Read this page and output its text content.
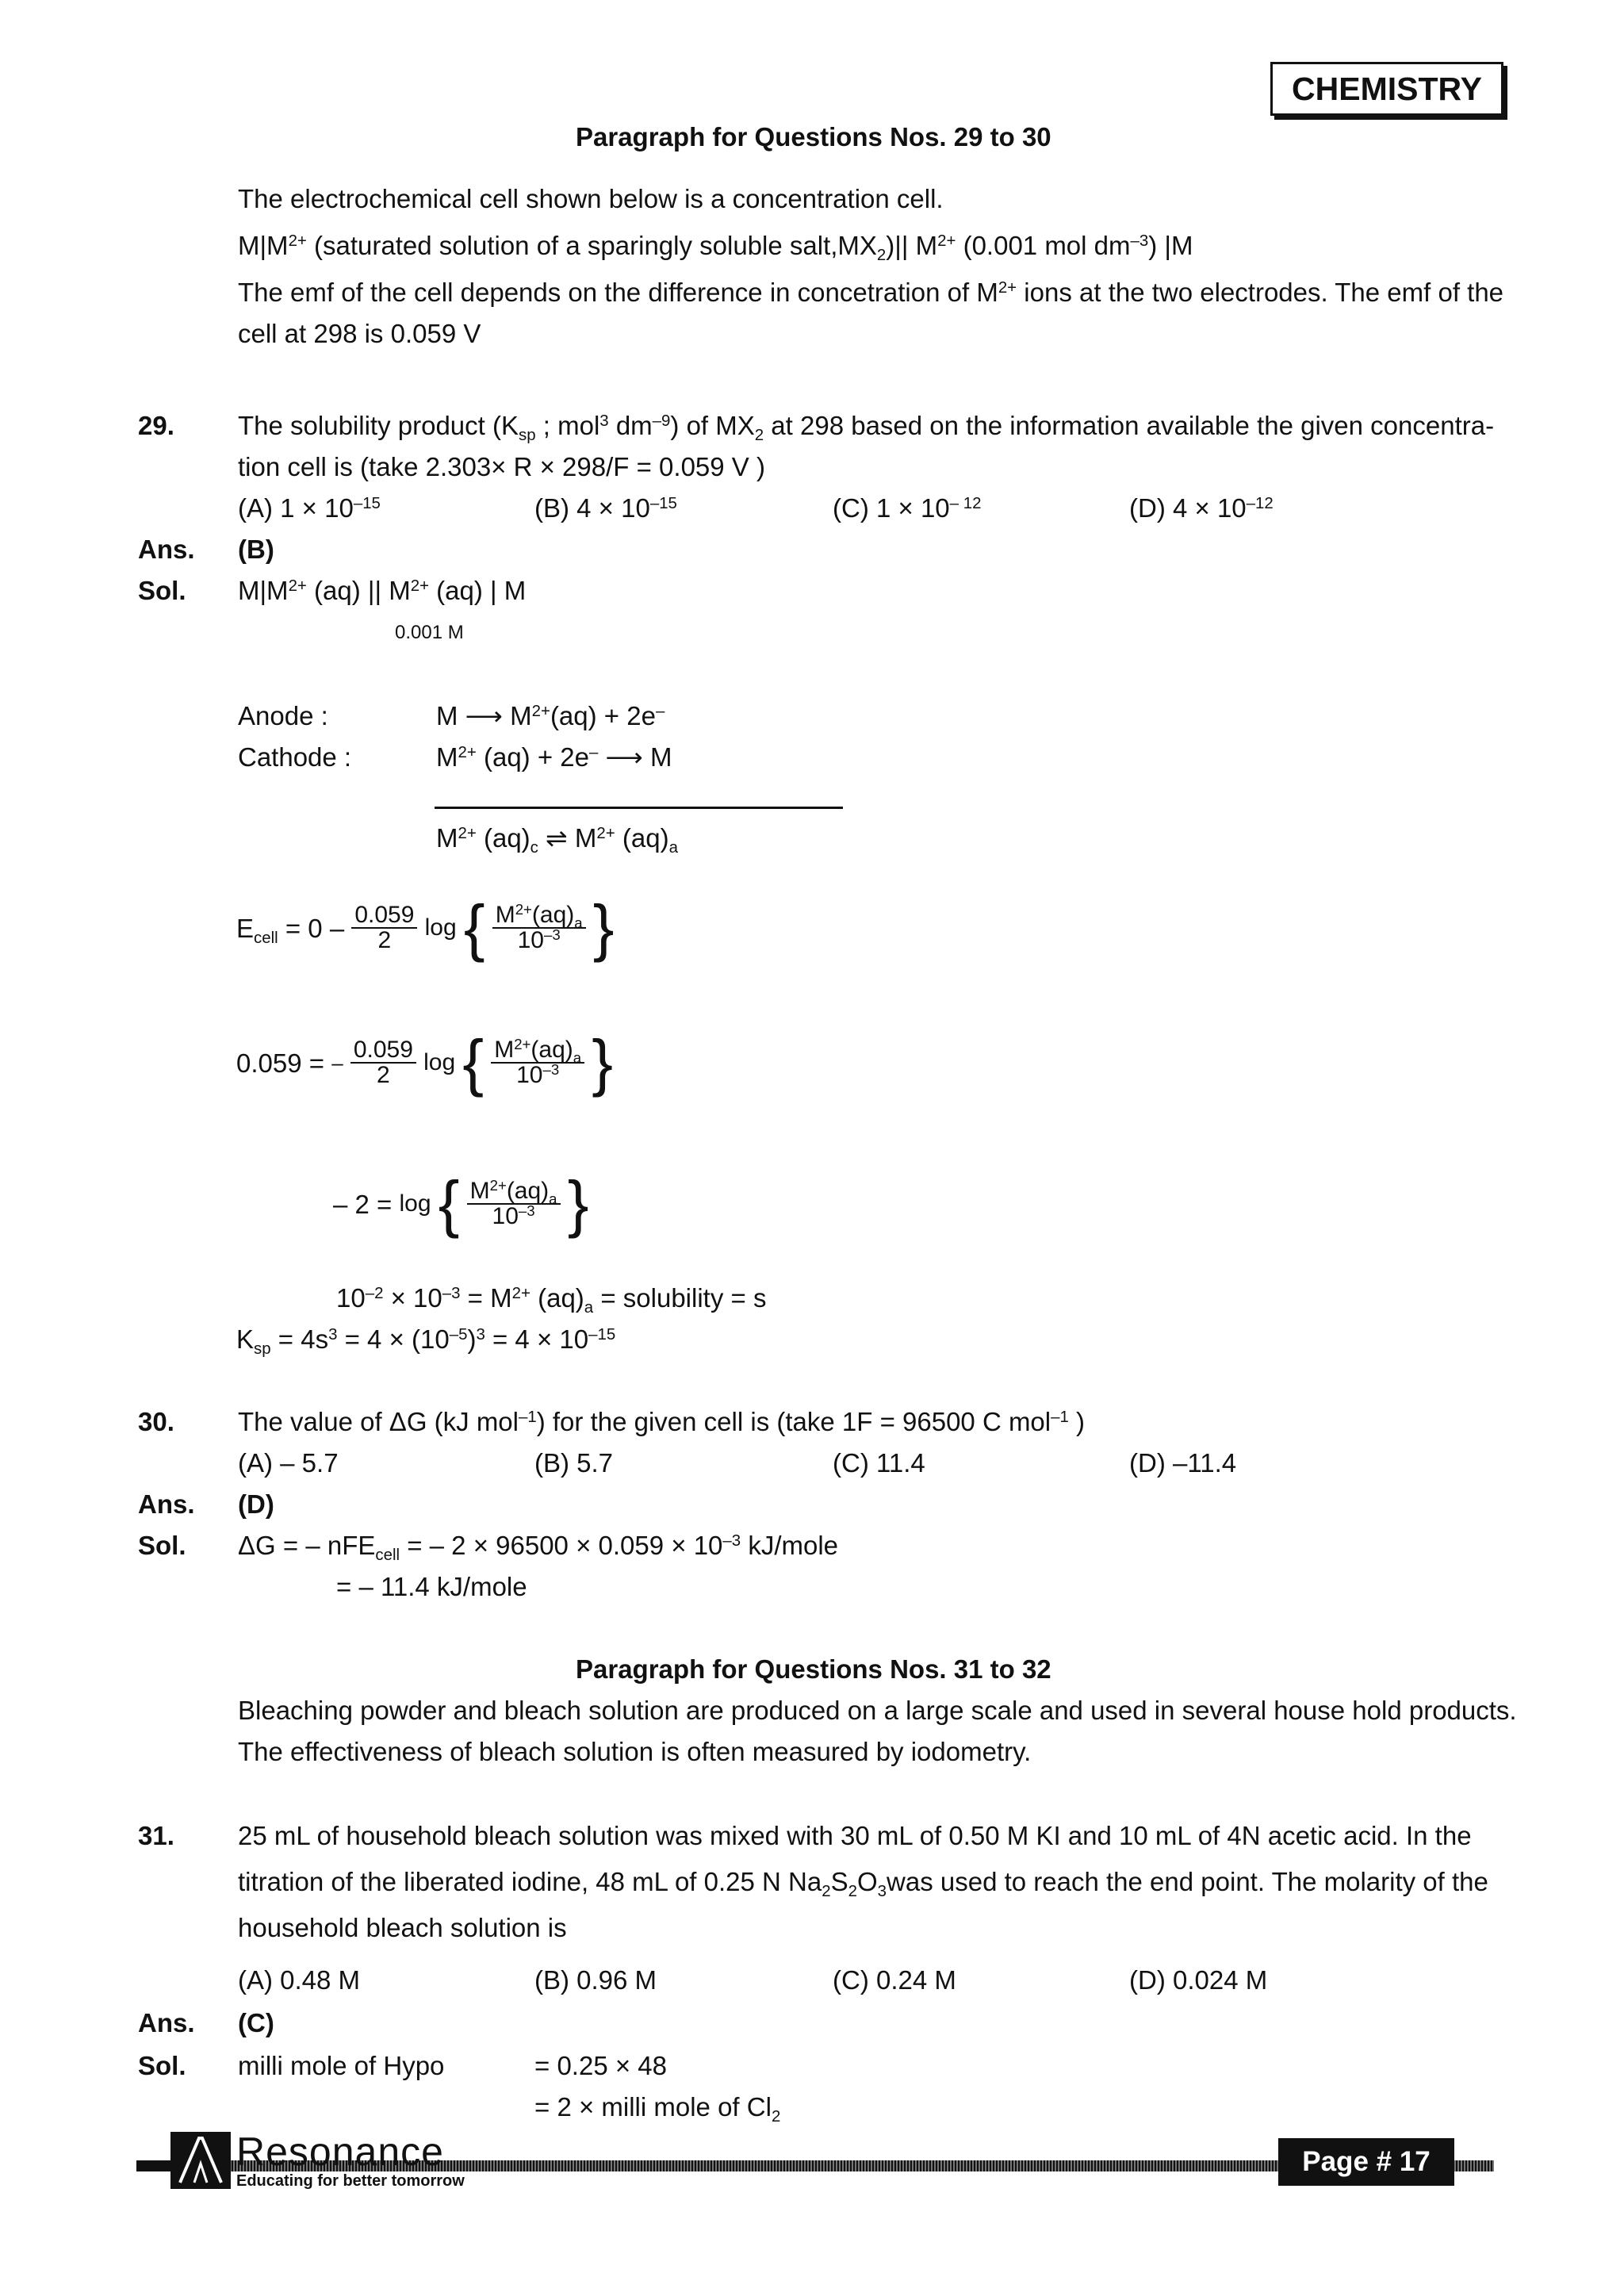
CHEMISTRY
Paragraph for Questions Nos. 29 to 30
The electrochemical cell shown below is a concentration cell.
$M|M^{2+}$ (saturated solution of a sparingly soluble $salt,MX_2)||$ $M^{2+}$ (0.001 mol $dm^{-3}$) |M
The emf of the cell depends on the difference in concetration of $M^{2+}$ ions at the two electrodes. The emf of the
cell at 298 is 0.059 V
29. The solubility product ($K_{sp}$ ; mol$^3$ $dm^{-9}$) of $MX_2$ at 298 based on the information available the given concentra-
tion cell is (take 2.303× R × 298/F = 0.059 V )
(A) $1 \times 10^{-15}$	(B) $4 \times 10^{-15}$	(C) $1 \times 10^{- 12}$	(D) $4 \times 10^{-12}$
Ans. (B)
Sol. $M|M^{2+}$ (aq) || $M^{2+}$ (aq) | M
0.001 M
Anode :	M ⟶ $M^{2+}(aq) + 2e^-$
Cathode :	$M^{2+}$ (aq) + 2e– ⟶ M
$M^{2+}$ $(aq)_c$ ⇌ $M^{2+}$ $(aq)_a$
$E_{cell} = 0 - \frac{0.059}{2}$ log { $\frac{M^{2+}(aq)_a}{10^{-3}}$ }
0.059 = – $\frac{0.059}{2}$ log { $\frac{M^{2+}(aq)_a}{10^{-3}}$ }
– 2 = log { $\frac{M^{2+}(aq)_a}{10^{-3}}$ }
$10^{-2} \times 10^{-3} = M^{2+}$ $(aq)_a$ = solubility = s
$K_{sp} = 4s^3 = 4 \times (10^{-5})^3 = 4 \times 10^{-15}$
30. The value of ΔG (kJ mol$^{-1}$) for the given cell is (take 1F = 96500 C mol$^{-1}$ )
(A) – 5.7	(B) 5.7	(C) 11.4	(D) –11.4
Ans. (D)
Sol. ΔG = – nFE$_{cell}$ = – $2 \times 96500 \times 0.059 \times 10^{-3}$ kJ/mole
= – 11.4 kJ/mole
Paragraph for Questions Nos. 31 to 32
Bleaching powder and bleach solution are produced on a large scale and used in several house hold products.
The effectiveness of bleach solution is often measured by iodometry.
31. 25 mL of household bleach solution was mixed with 30 mL of 0.50 M KI and 10 mL of 4N acetic acid. In the
titration of the liberated iodine, 48 mL of 0.25 N $Na_2S_2O_3was$ used to reach the end point. The molarity of the
household bleach solution is
(A) 0.48 M	(B) 0.96 M	(C) 0.24 M	(D) 0.024 M
Ans. (C)
Sol. milli mole of Hypo	= 0.25 × 48
= 2 × milli mole of $Cl_2$
Resonance
Educating for better tomorrow
Page # 17
